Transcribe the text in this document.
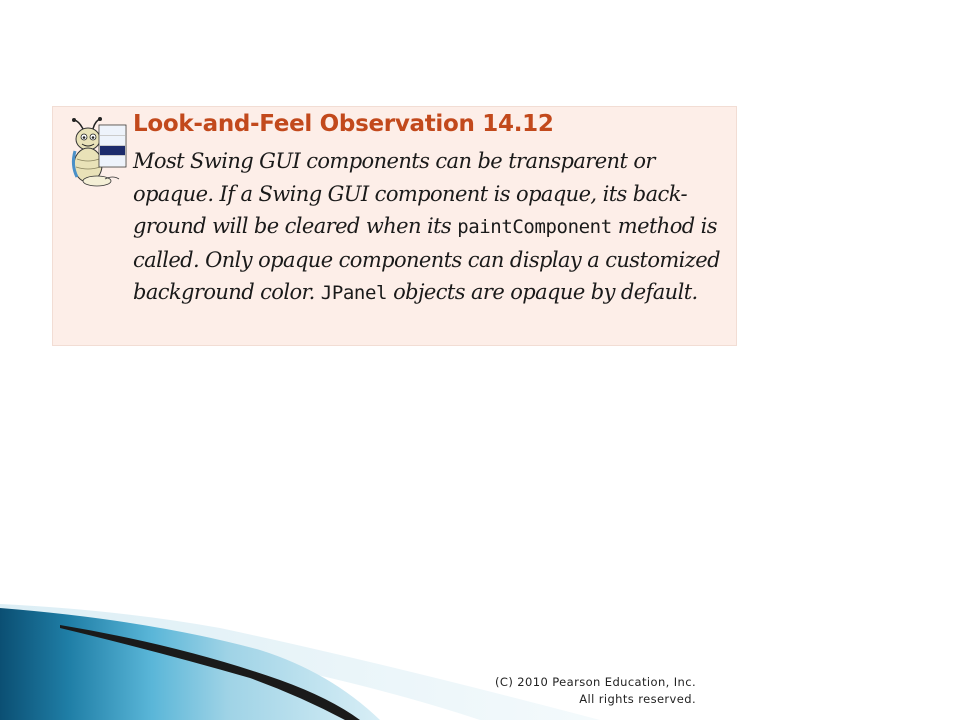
Look-and-Feel Observation 14.12

Most Swing GUI components can be transparent or opaque. If a Swing GUI component is opaque, its back-ground will be cleared when its paintComponent method is called. Only opaque components can display a customized background color. JPanel objects are opaque by default.

(C) 2010 Pearson Education, Inc.
All rights reserved.
